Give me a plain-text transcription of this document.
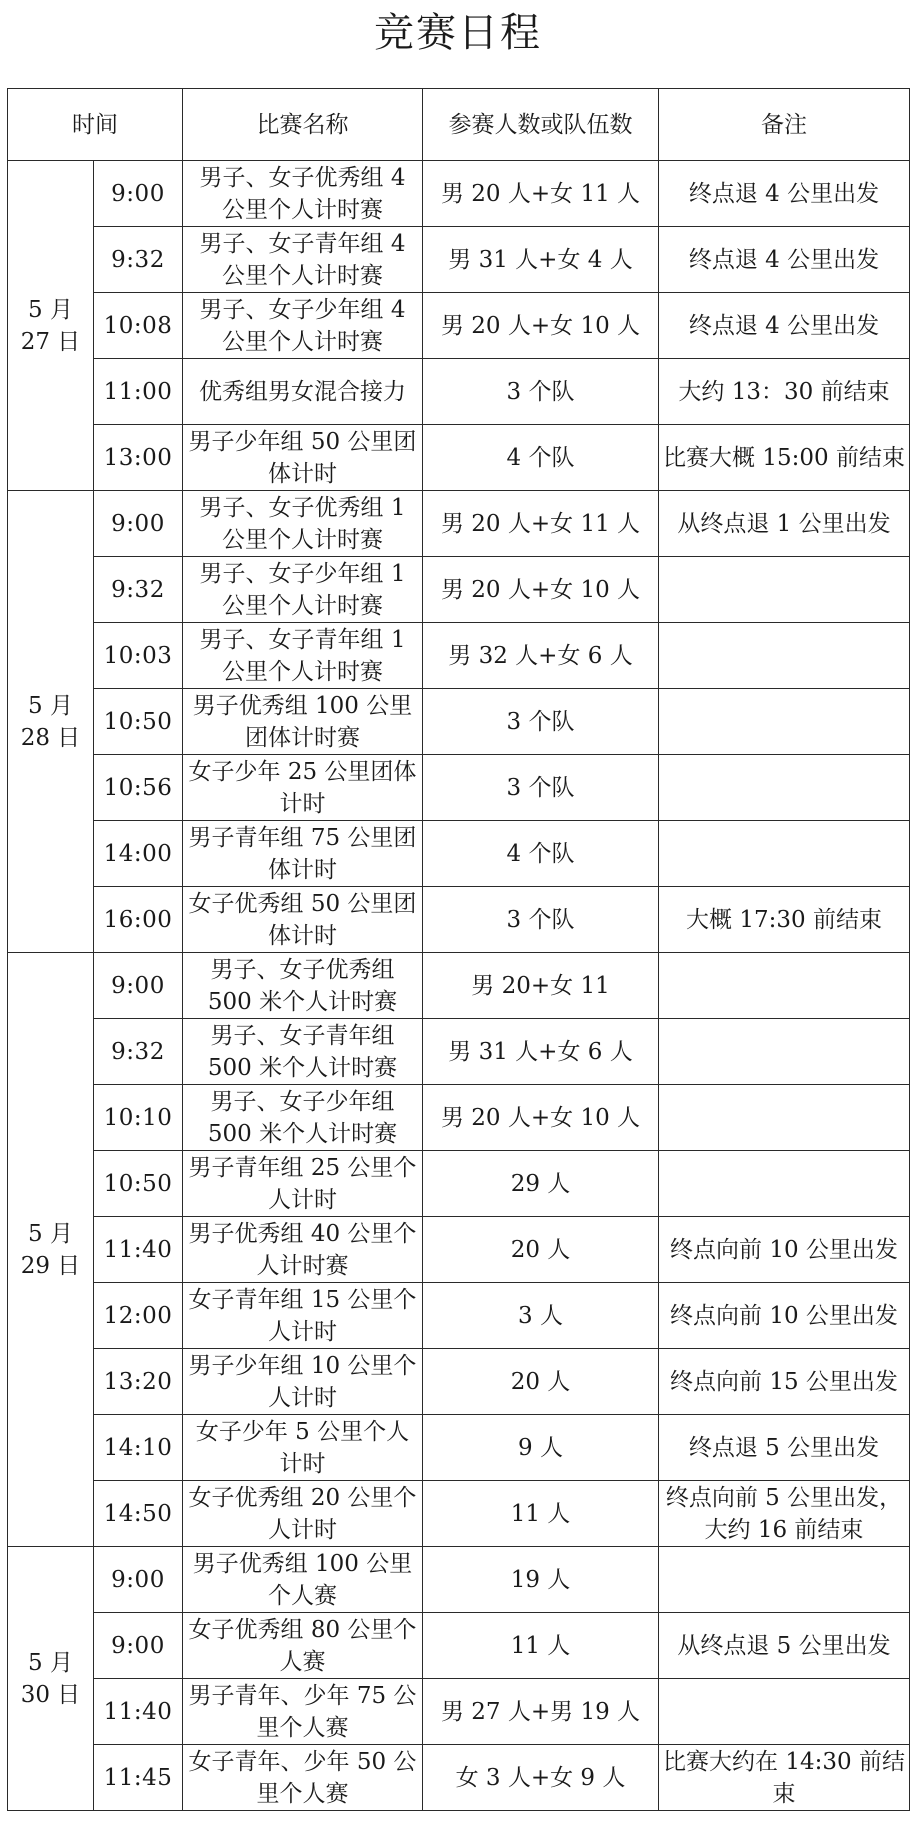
竞赛日程
时间		比赛名称	参赛人数或队伍数	备注

5 月
27 日	9:00	男子、女子优秀组 4 公里个人计时赛	男 20 人+女 11 人	终点退 4 公里出发
	9:32	男子、女子青年组 4 公里个人计时赛	男 31 人+女 4 人	终点退 4 公里出发
	10:08	男子、女子少年组 4 公里个人计时赛	男 20 人+女 10 人	终点退 4 公里出发
	11:00	优秀组男女混合接力	3 个队	大约 13：30 前结束
	13:00	男子少年组 50 公里团体计时	4 个队	比赛大概 15:00 前结束

5 月
28 日	9:00	男子、女子优秀组 1 公里个人计时赛	男 20 人+女 11 人	从终点退 1 公里出发
	9:32	男子、女子少年组 1 公里个人计时赛	男 20 人+女 10 人	
	10:03	男子、女子青年组 1 公里个人计时赛	男 32 人+女 6 人	
	10:50	男子优秀组 100 公里团体计时赛	3 个队	
	10:56	女子少年 25 公里团体计时	3 个队	
	14:00	男子青年组 75 公里团体计时	4 个队	
	16:00	女子优秀组 50 公里团体计时	3 个队	大概 17:30 前结束

5 月
29 日	9:00	男子、女子优秀组 500 米个人计时赛	男 20+女 11	
	9:32	男子、女子青年组 500 米个人计时赛	男 31 人+女 6 人	
	10:10	男子、女子少年组 500 米个人计时赛	男 20 人+女 10 人	
	10:50	男子青年组 25 公里个人计时	29 人	
	11:40	男子优秀组 40 公里个人计时赛	20 人	终点向前 10 公里出发
	12:00	女子青年组 15 公里个人计时	3 人	终点向前 10 公里出发
	13:20	男子少年组 10 公里个人计时	20 人	终点向前 15 公里出发
	14:10	女子少年 5 公里个人计时	9 人	终点退 5 公里出发
	14:50	女子优秀组 20 公里个人计时	11 人	终点向前 5 公里出发，大约 16 前结束

5 月
30 日	9:00	男子优秀组 100 公里个人赛	19 人	
	9:00	女子优秀组 80 公里个人赛	11 人	从终点退 5 公里出发
	11:40	男子青年、少年 75 公里个人赛	男 27 人+男 19 人	
	11:45	女子青年、少年 50 公里个人赛	女 3 人+女 9 人	比赛大约在 14:30 前结束
